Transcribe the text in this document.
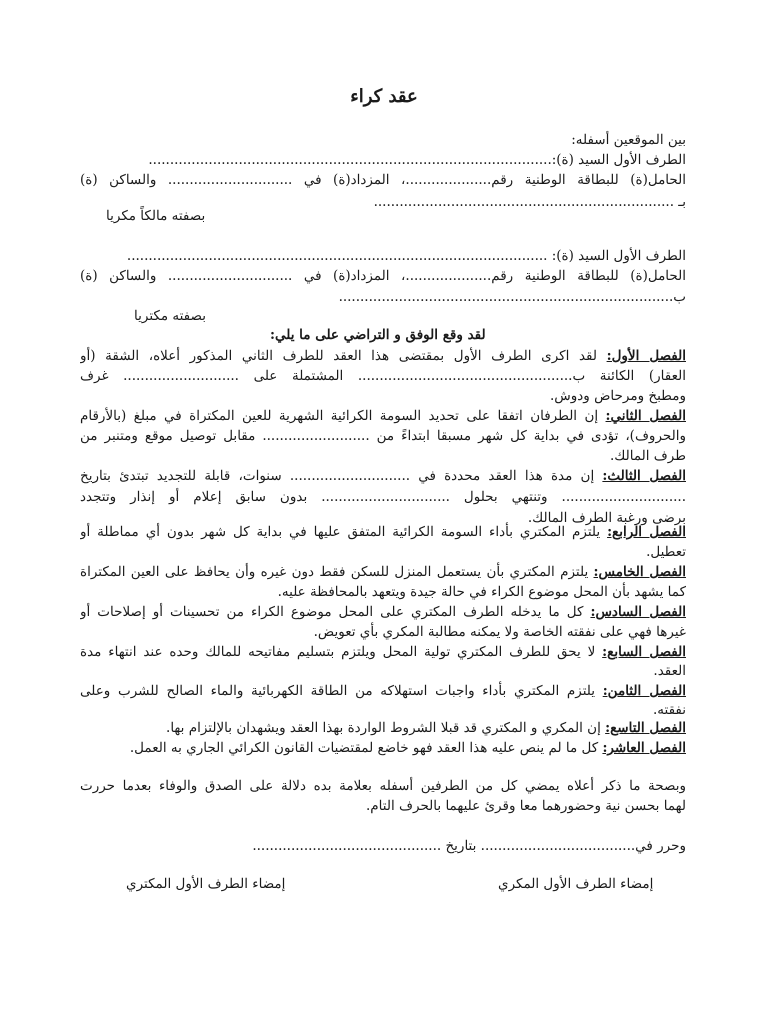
عقد كراء
بين الموقعين أسفله:
الطرف الأول السيد (ة):..............................................................................................
الحامل(ة) للبطاقة الوطنية رقم....................، المزداد(ة) في ............................. والساكن (ة)
بـ ......................................................................
بصفته مالكاً مكريا
الطرف الأول السيد (ة): ..................................................................................................
الحامل(ة) للبطاقة الوطنية رقم....................، المزداد(ة) في ............................. والساكن (ة)
ب..............................................................................
بصفته مكتريا
لقد وقع الوفق و التراضي على ما يلي:
الفصل الأول: لقد اكرى الطرف الأول بمقتضى هذا العقد للطرف الثاني المذكور أعلاه، الشقة (أو
العقار) الكائنة ب.................................................. المشتملة على ........................... غرف
ومطبخ ومرحاض ودوش.
الفصل الثاني: إن الطرفان اتفقا على تحديد السومة الكرائية الشهرية للعين المكتراة في مبلغ (بالأرقام
والحروف)، تؤدى في بداية كل شهر مسبقا ابتداءً من ......................... مقابل توصيل موقع ومتنبر من
طرف المالك.
الفصل الثالث: إن مدة هذا العقد محددة في ............................ سنوات، قابلة للتجديد تبتدئ بتاريخ
............................. وتنتهي بحلول .............................. بدون سابق إعلام أو إنذار وتتجدد
برضى ورغبة الطرف المالك.
الفصل الرابع: يلتزم المكتري بأداء السومة الكرائية المتفق عليها في بداية كل شهر بدون أي مماطلة أو
تعطيل.
الفصل الخامس: يلتزم المكتري بأن يستعمل المنزل للسكن فقط دون غيره وأن يحافظ على العين المكتراة
كما يشهد بأن المحل موضوع الكراء في حالة جيدة ويتعهد بالمحافظة عليه.
الفصل السادس: كل ما يدخله الطرف المكتري على المحل موضوع الكراء من تحسينات أو إصلاحات أو
غيرها فهي على نفقته الخاصة ولا يمكنه مطالبة المكري بأي تعويض.
الفصل السابع: لا يحق للطرف المكتري تولية المحل ويلتزم بتسليم مفاتيحه للمالك وحده عند انتهاء مدة
العقد.
الفصل الثامن: يلتزم المكتري بأداء واجبات استهلاكه من الطاقة الكهربائية والماء الصالح للشرب وعلى
نفقته.
الفصل التاسع: إن المكري و المكتري قد قبلا الشروط الواردة بهذا العقد ويشهدان بالإلتزام بها.
الفصل العاشر: كل ما لم ينص عليه هذا العقد فهو خاضع لمقتضيات القانون الكرائي الجاري به العمل.
وبصحة ما ذكر أعلاه يمضي كل من الطرفين أسفله بعلامة بده دلالة على الصدق والوفاء بعدما حررت
لهما بحسن نية وحضورهما معا وقرئ عليهما بالحرف التام.
وحرر في.................................... بتاريخ ............................................
إمضاء الطرف الأول المكري
إمضاء الطرف الأول المكتري
